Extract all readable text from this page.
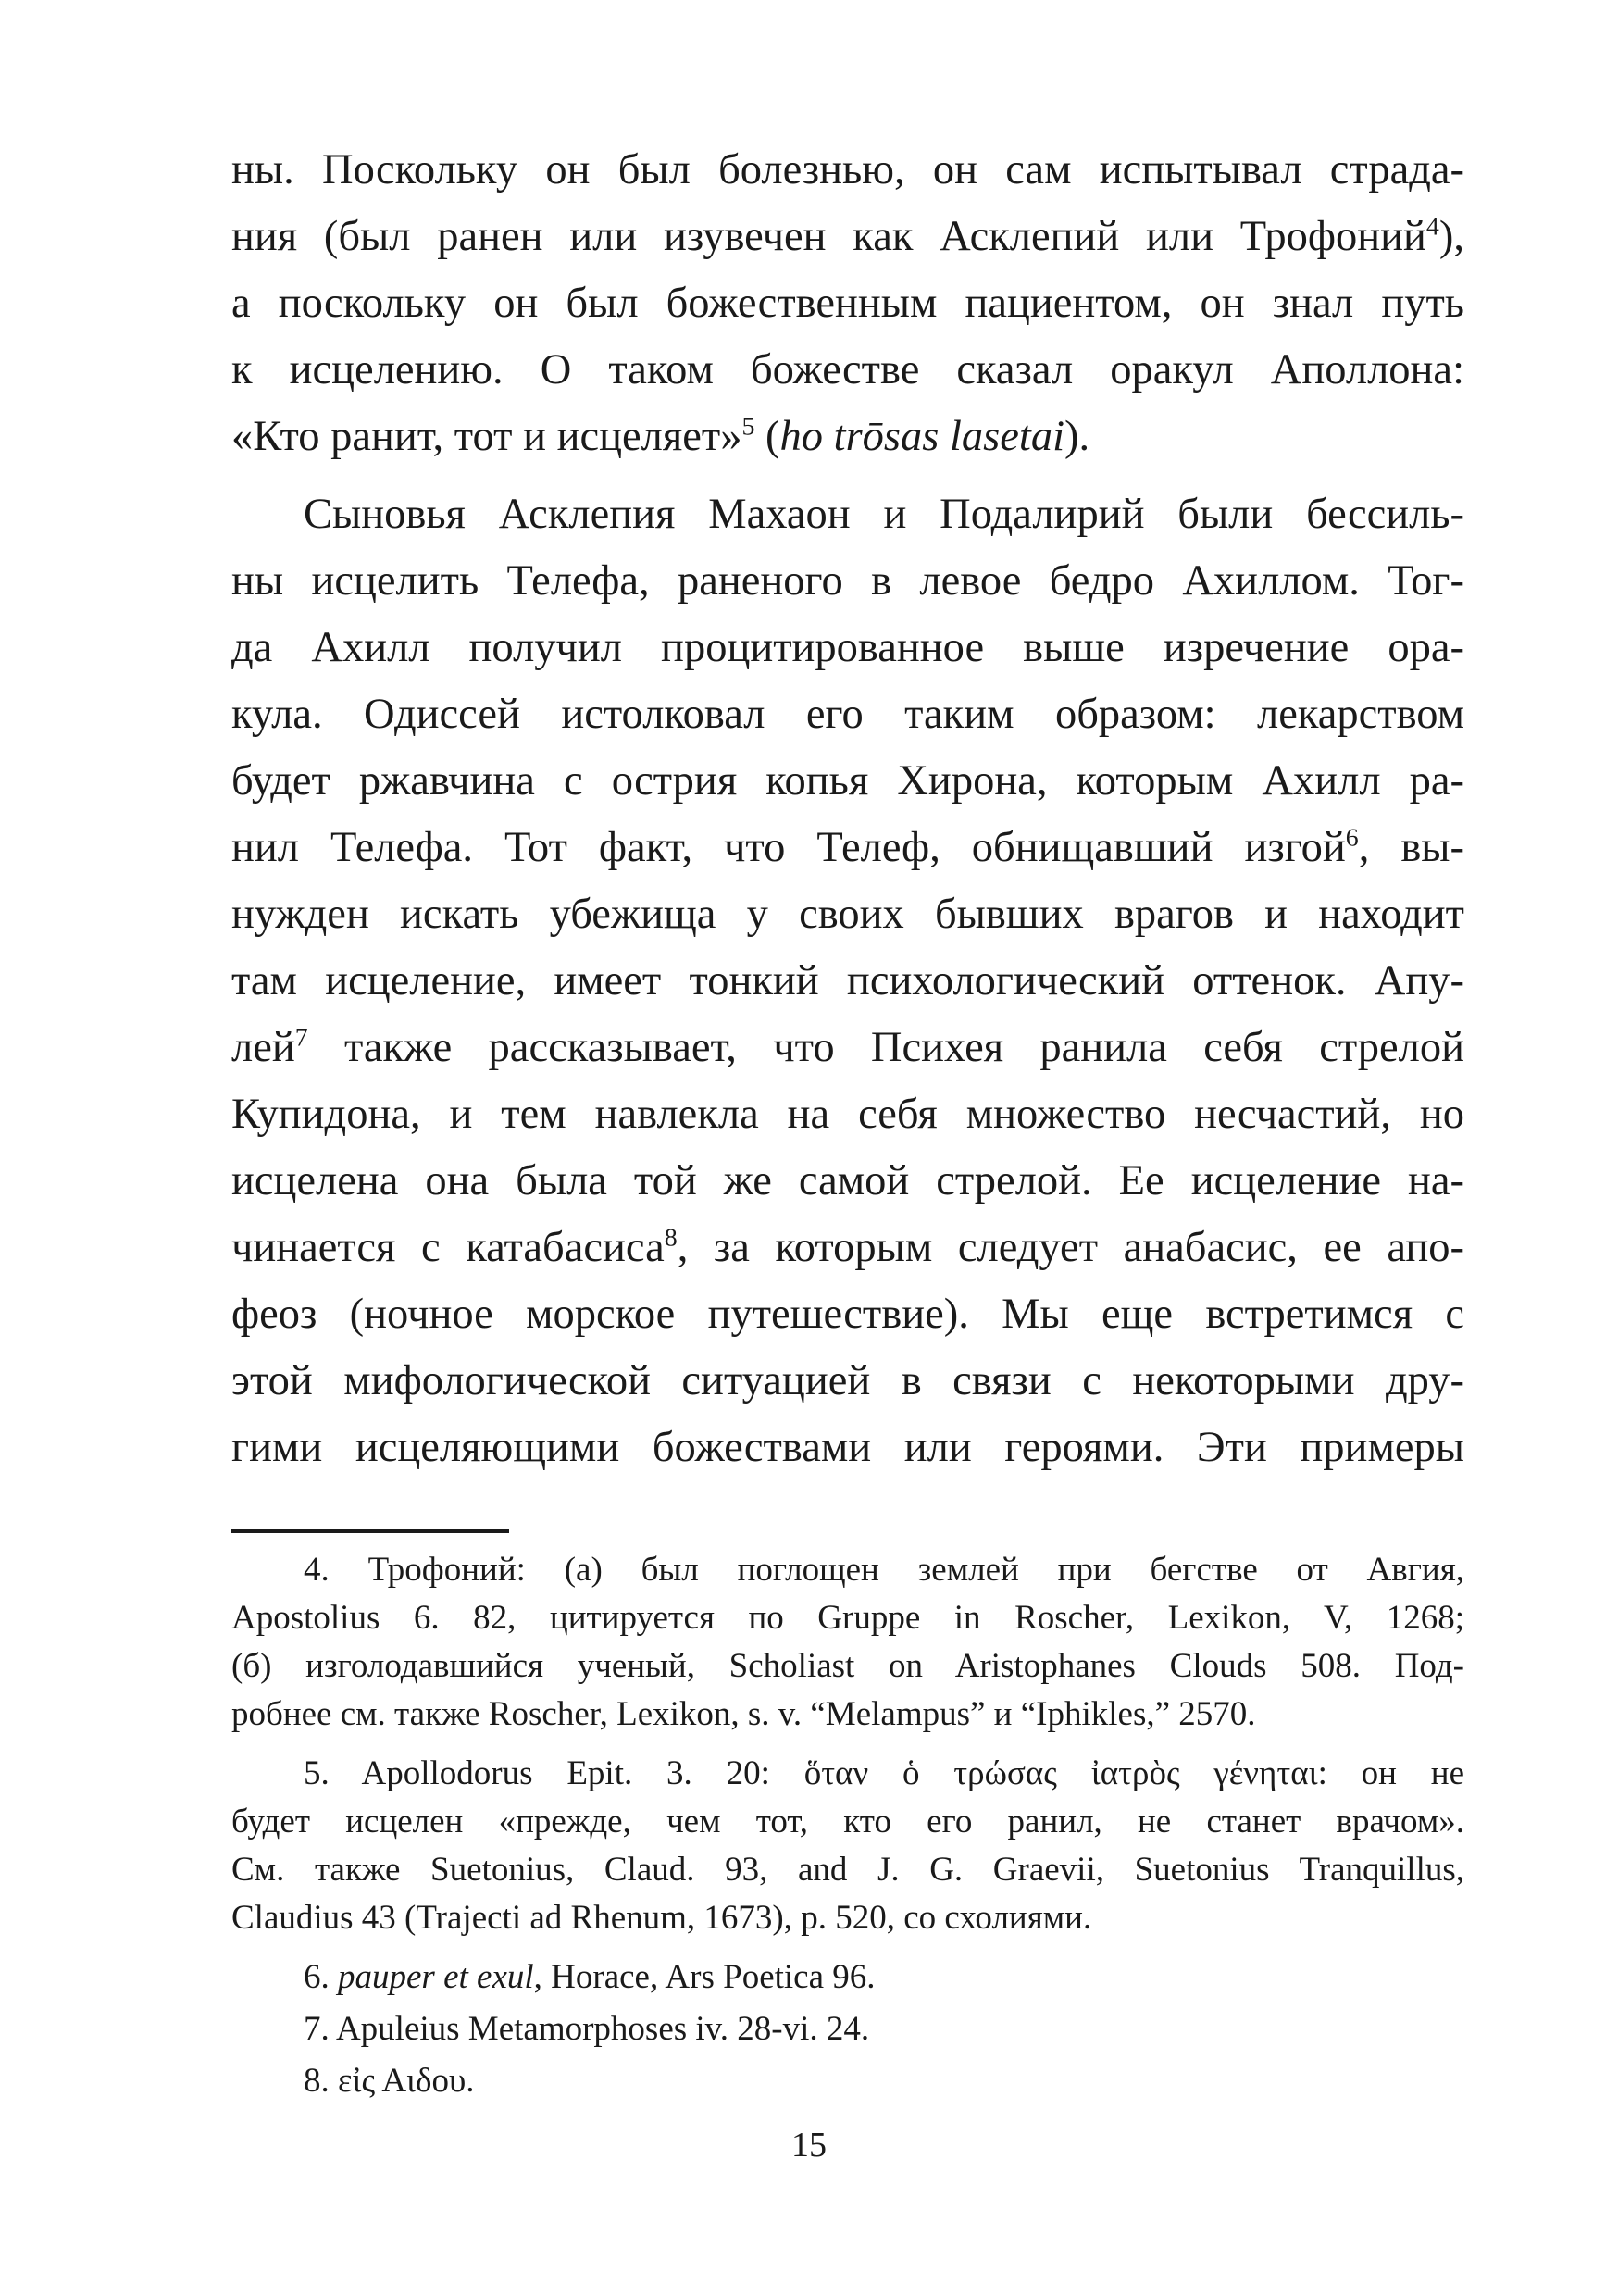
ны. Поскольку он был болезнью, он сам испытывал страда-
ния (был ранен или изувечен как Асклепий или Трофоний$^4$),
а поскольку он был божественным пациентом, он знал путь
к исцелению. О таком божестве сказал оракул Аполлона:
«Кто ранит, тот и исцеляет»$^5$ (ho trōsas lasetai).
Сыновья Асклепия Махаон и Подалирий были бессиль-
ны исцелить Телефа, раненого в левое бедро Ахиллом. Тог-
да Ахилл получил процитированное выше изречение ора-
кула. Одиссей истолковал его таким образом: лекарством
будет ржавчина с острия копья Хирона, которым Ахилл ра-
нил Телефа. Тот факт, что Телеф, обнищавший изгой$^6$, вы-
нужден искать убежища у своих бывших врагов и находит
там исцеление, имеет тонкий психологический оттенок. Апу-
лей$^7$ также рассказывает, что Психея ранила себя стрелой
Купидона, и тем навлекла на себя множество несчастий, но
исцелена она была той же самой стрелой. Ее исцеление на-
чинается с катабасиса$^8$, за которым следует анабасис, ее апо-
феоз (ночное морское путешествие). Мы еще встретимся с
этой мифологической ситуацией в связи с некоторыми дру-
гими исцеляющими божествами или героями. Эти примеры
4. Трофоний: (а) был поглощен землей при бегстве от Авгия,
Apostolius 6. 82, цитируется по Gruppe in Roscher, Lexikon, V, 1268;
(б) изголодавшийся ученый, Scholiast on Aristophanes Clouds 508. Под-
робнее см. также Roscher, Lexikon, s. v. “Melampus” и “Iphikles,” 2570.
5. Apollodorus Epit. 3. 20: ὅταν ὁ τρώσας ἰατρὸς γένηται: он не
будет исцелен «прежде, чем тот, кто его ранил, не станет врачом».
См. также Suetonius, Claud. 93, and J. G. Graevii, Suetonius Tranquillus,
Claudius 43 (Trajecti ad Rhenum, 1673), p. 520, со схолиями.
6. pauper et exul, Horace, Ars Poetica 96.
7. Apuleius Metamorphoses iv. 28-vi. 24.
8. εἰς Αιδου.
15
